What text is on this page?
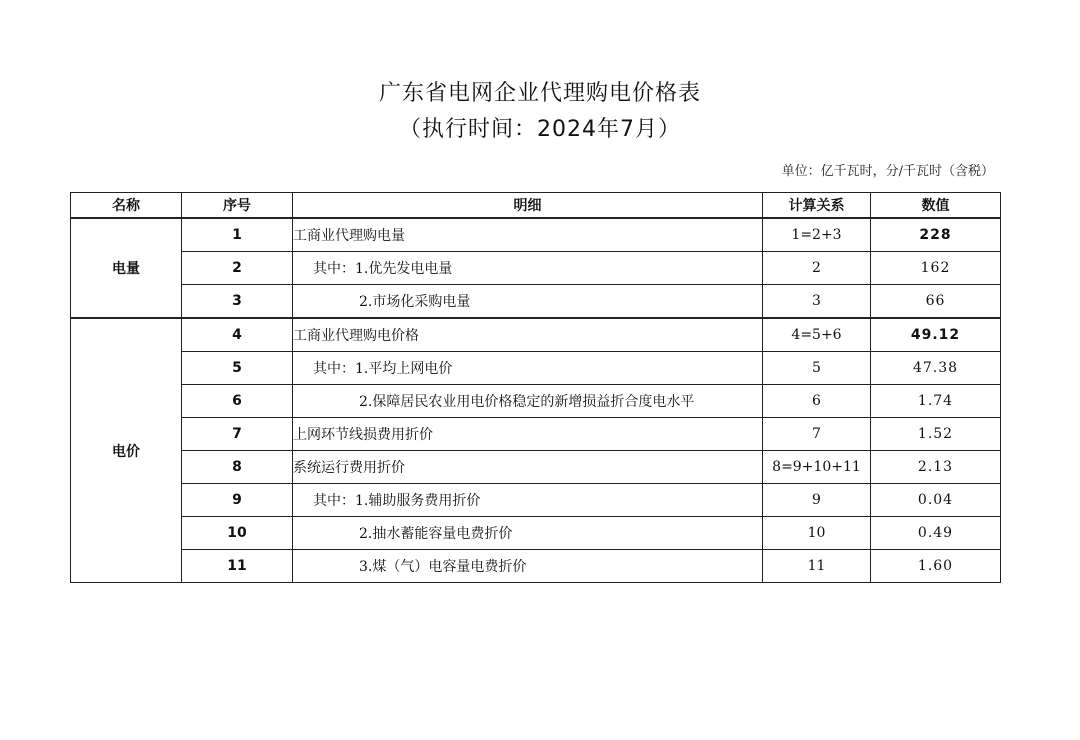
广东省电网企业代理购电价格表
（执行时间：2024年7月）
单位：亿千瓦时，分/千瓦时（含税）
名称	序号	明细	计算关系	数值
电量	1	工商业代理购电量	1=2+3	228
	2	其中：1.优先发电电量	2	162
	3	2.市场化采购电量	3	66
电价	4	工商业代理购电价格	4=5+6	49.12
	5	其中：1.平均上网电价	5	47.38
	6	2.保障居民农业用电价格稳定的新增损益折合度电水平	6	1.74
	7	上网环节线损费用折价	7	1.52
	8	系统运行费用折价	8=9+10+11	2.13
	9	其中：1.辅助服务费用折价	9	0.04
	10	2.抽水蓄能容量电费折价	10	0.49
	11	3.煤（气）电容量电费折价	11	1.60
